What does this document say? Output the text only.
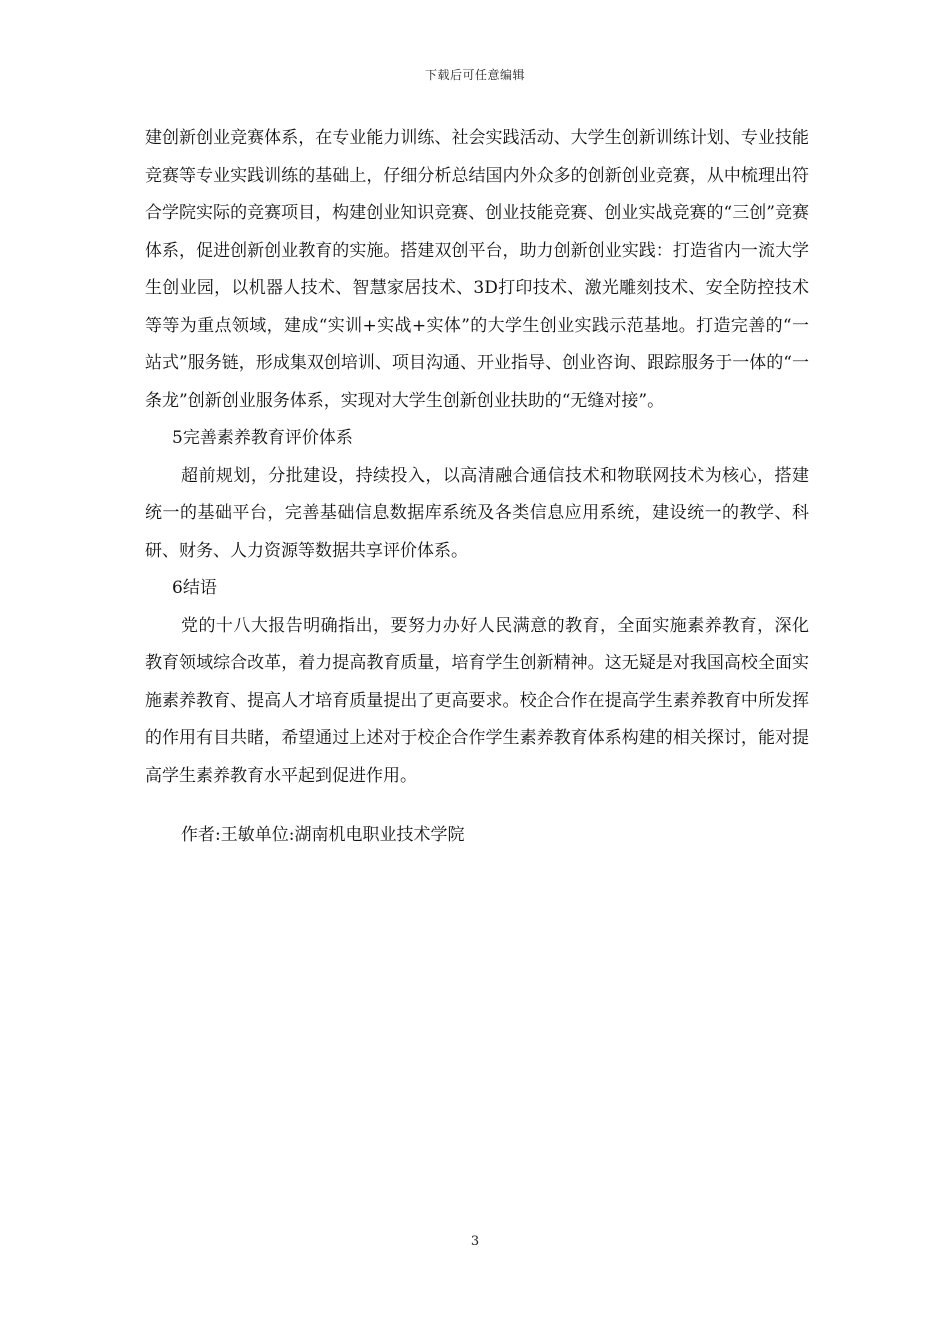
下载后可任意编辑

建创新创业竞赛体系，在专业能力训练、社会实践活动、大学生创新训练计划、专业技能竞赛等专业实践训练的基础上，仔细分析总结国内外众多的创新创业竞赛，从中梳理出符合学院实际的竞赛项目，构建创业知识竞赛、创业技能竞赛、创业实战竞赛的“三创”竞赛体系，促进创新创业教育的实施。搭建双创平台，助力创新创业实践：打造省内一流大学生创业园，以机器人技术、智慧家居技术、3D打印技术、激光雕刻技术、安全防控技术等等为重点领域，建成“实训+实战+实体”的大学生创业实践示范基地。打造完善的“一站式”服务链，形成集双创培训、项目沟通、开业指导、创业咨询、跟踪服务于一体的“一条龙”创新创业服务体系，实现对大学生创新创业扶助的“无缝对接”。

5完善素养教育评价体系

超前规划，分批建设，持续投入，以高清融合通信技术和物联网技术为核心，搭建统一的基础平台，完善基础信息数据库系统及各类信息应用系统，建设统一的教学、科研、财务、人力资源等数据共享评价体系。

6结语

党的十八大报告明确指出，要努力办好人民满意的教育，全面实施素养教育，深化教育领域综合改革，着力提高教育质量，培育学生创新精神。这无疑是对我国高校全面实施素养教育、提高人才培育质量提出了更高要求。校企合作在提高学生素养教育中所发挥的作用有目共睹，希望通过上述对于校企合作学生素养教育体系构建的相关探讨，能对提高学生素养教育水平起到促进作用。

作者:王敏单位:湖南机电职业技术学院

3
